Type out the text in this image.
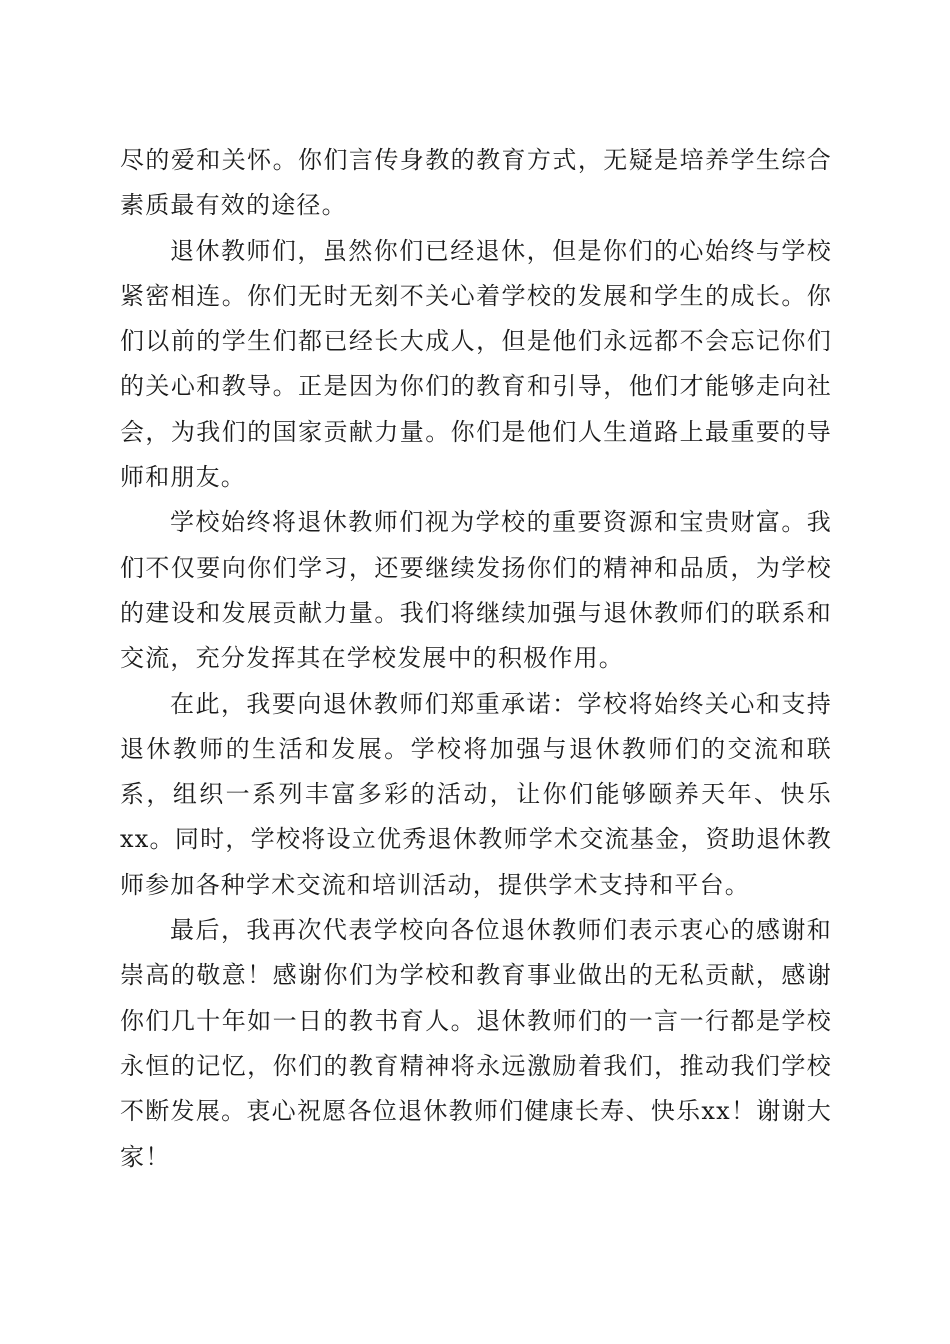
尽的爱和关怀。你们言传身教的教育方式，无疑是培养学生综合素质最有效的途径。

退休教师们，虽然你们已经退休，但是你们的心始终与学校紧密相连。你们无时无刻不关心着学校的发展和学生的成长。你们以前的学生们都已经长大成人，但是他们永远都不会忘记你们的关心和教导。正是因为你们的教育和引导，他们才能够走向社会，为我们的国家贡献力量。你们是他们人生道路上最重要的导师和朋友。

学校始终将退休教师们视为学校的重要资源和宝贵财富。我们不仅要向你们学习，还要继续发扬你们的精神和品质，为学校的建设和发展贡献力量。我们将继续加强与退休教师们的联系和交流，充分发挥其在学校发展中的积极作用。

在此，我要向退休教师们郑重承诺：学校将始终关心和支持退休教师的生活和发展。学校将加强与退休教师们的交流和联系，组织一系列丰富多彩的活动，让你们能够颐养天年、快乐xx。同时，学校将设立优秀退休教师学术交流基金，资助退休教师参加各种学术交流和培训活动，提供学术支持和平台。

最后，我再次代表学校向各位退休教师们表示衷心的感谢和崇高的敬意！感谢你们为学校和教育事业做出的无私贡献，感谢你们几十年如一日的教书育人。退休教师们的一言一行都是学校永恒的记忆，你们的教育精神将永远激励着我们，推动我们学校不断发展。衷心祝愿各位退休教师们健康长寿、快乐xx！谢谢大家！
